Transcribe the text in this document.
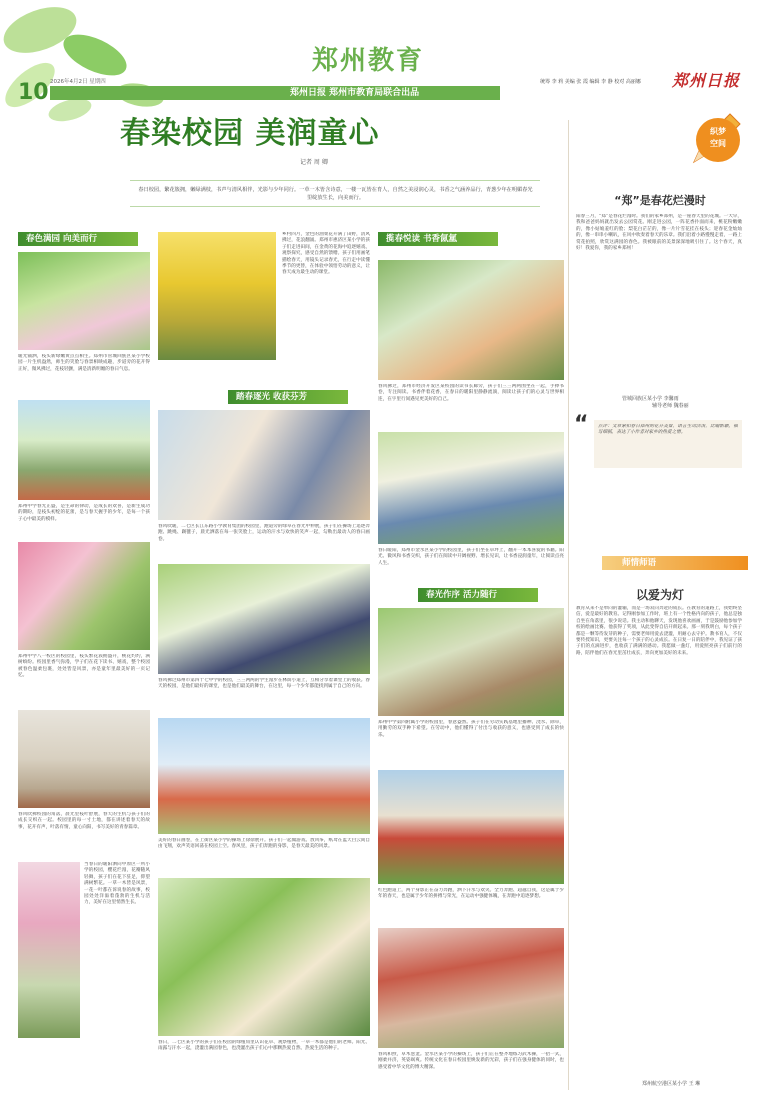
郑州教育
10 2026年4月2日 星期四
郑州日报 郑州市教育局联合出品
统筹 李 莉 美编 张 霞 编辑 李 静 校对 高丽娜 郑州日报
春染校园 美润童心
记者 周 卿
春日校园，繁花簇拥，嫩绿满枝，书声与清风相伴，光影与少年同行。一草一木皆含诗意，一楼一瓦皆在育人，自然之美浸润心灵，书香之气涵养品行，青葱少年在明媚春光里绽放生长，向美而行。
春色满园 向美而行
暖光铺洒，枝头新绿嫩黄点点相生。郑州市管城回族区某小学校园一片生机盎然，师生的笑脸与春景相映成趣，步道旁的花开得正好，微风拂过，花枝轻颤，满是清新明媚的春日气息。
郑州中学春光正盛，是生命的律动，是成长的欢喜，是新生成功的期盼，是枝头初绽的花蕾，是与春天握手的少年，是每一个孩子心中最美的模样。
郑州中学八一校区的校园里，枝头繁花簇拥盛开，桃花灼灼，满树缤纷。校园里香气弥漫，学子们在花下读书、嬉戏，整个校园被春色温柔包裹，处处皆是风景，亦是童年里最美好的一页记忆。
春风吹拂校园的角落，晨光里枝叶舒展，春天的生机与孩子们的成长交织在一起。校园里的每一寸土地，都在讲述着春天的故事，花开有声，叶落有情，童心向阳，书写美好的青春篇章。
当春日的暖阳洒向中原区一所小学的校园，樱花烂漫，花瓣随风轻舞，孩子们在花下驻足，仰望满树繁花。一草一木皆是风景，一花一叶都在诉说春的故事，校园处处洋溢着蓬勃的生机与活力，美好在这里悄然生长。
乡村四月，金色的油菜花开满了田野，清风拂过，花浪翻涌。郑州市惠济区某小学的孩子们走进田间，在金黄的花海中追逐嬉戏、观察探究，感受自然的馈赠。孩子们用画笔描绘春天，用镜头记录春光，在行走中读懂季节的更替，在体验中领悟劳动的意义，让春天成为最生动的课堂。
踏春逐光 收获芬芳
春风吹暖，二七区长江东路小学教育集团的校园里，跑道旁的绿草在春光中伸展，孩子们在操场上追逐奔跑、跳绳、踢毽子，晨光洒落在每一张笑脸上，运动的汗水与欢快的笑声一起，勾勒出最动人的春日画卷。
春风拂过郑州市第四十七中学的校园，三三两两的学生漫步在林荫小道上，互相分享着课堂上的收获。春天的校园，是他们最好的课堂，也是他们最美的舞台，在这里，每一个少年都能找到属于自己的方向。
美好的春日画卷，在上街区某小学的操场上徐徐展开。孩子们一起做游戏、放风筝，纸鸢在蓝天白云间自由飞翔，欢声笑语回荡在校园上空。春风里，孩子们奔跑的身影，是春天最美的风景。
春日，二七区某小学的孩子们在校园的绿植角里认识花草、观察植物，一草一木都是他们的老师。阳光、雨露与汗水一起，浇灌出满园春色，也浇灌出孩子们心中那颗热爱自然、热爱生活的种子。
揽春悦读 书香氤氲
春风拂过，郑州市经济开发区某校园的读书长廊旁，孩子们三三两两围坐在一起，手捧书卷，专注阅读。书香伴着花香，在春日的暖阳里静静流淌，阅读让孩子们的心灵与世界相连，在字里行间遇见更美好的自己。
春日暖阳，郑州市金水区某小学的校园里，孩子们坐在草坪上，翻开一本本喜爱的书籍。阳光、微风和书香交织，孩子们在阅读中开阔视野、增长见识，让书香浸润童年，让阅读点亮人生。
春光作序 活力随行
郑州中学第四附属小学的校园里，春意盎然。孩子们在劳动实践基地里播种、浇水、除草，用勤劳的双手种下希望。在劳动中，他们懂得了付出与收获的意义，也感受到了成长的快乐。
红色跑道上，两个身影正在奋力奔跑，洒下汗水与欢笑。全力奔跑、超越自我，这是属于少年的春天，也是属于少年的拼搏与荣光，在运动中强健体魄，在奔跑中追逐梦想。
春风和煦，草木葱茏。金水区某小学的操场上，孩子们正在整齐地练习武术操，一招一式，刚柔并济，英姿飒爽。传统文化在春日校园里焕发新的光彩，孩子们在强身健体的同时，也感受着中华文化的博大精深。
织梦
空间
“郑”是春花烂漫时
阳春三月，“郑”是春花烂漫时。我们的家乡郑州，是一座春天里的花城。一大早，我和爸爸妈妈就出发去公园赏花。刚走进公园，一阵花香扑面而来，桃花粉嫩嫩的，像小姑娘羞红的脸；梨花白茫茫的，像一片片雪花挂在枝头；迎春花金灿灿的，像一串串小喇叭，在风中吹奏着春天的乐章。我们沿着小路慢慢走着，一路上赏花拍照，欣赏这满园的春色。我被眼前的美景深深地吸引住了。这个春天，真好！我爱你，我的家乡郑州！
管城回族区某小学 李馨雨
辅导老师 魏春丽
“ 点评：文章紧扣春日郑州的花开美景，语言生动活泼，比喻新颖，描写细腻，表达了小作者对家乡的热爱之情。
师情师语
以爱为灯
教育从来不是单向的灌输，而是一场双向奔赴的成长。在教育的道路上，我始终坚信，爱是最好的教育。记得刚参加工作时，班上有一个性格内向的孩子，他总是独自坐在角落里，很少说话。我主动和他聊天，发现他喜欢画画，于是鼓励他参加学校的绘画比赛。他获得了奖项，从此变得自信开朗起来。那一刻我明白，每个孩子都是一颗等待发芽的种子，需要老师用爱去浇灌，用耐心去守护。教书育人，不仅要传授知识，更要关注每一个孩子的心灵成长。在日复一日的陪伴中，我见证了孩子们的点滴进步，也收获了满满的感动。我愿做一盏灯，用爱照亮孩子们前行的路，陪伴他们在春光里茁壮成长，奔向更加美好的未来。
郑州航空港区某小学 王 琳
